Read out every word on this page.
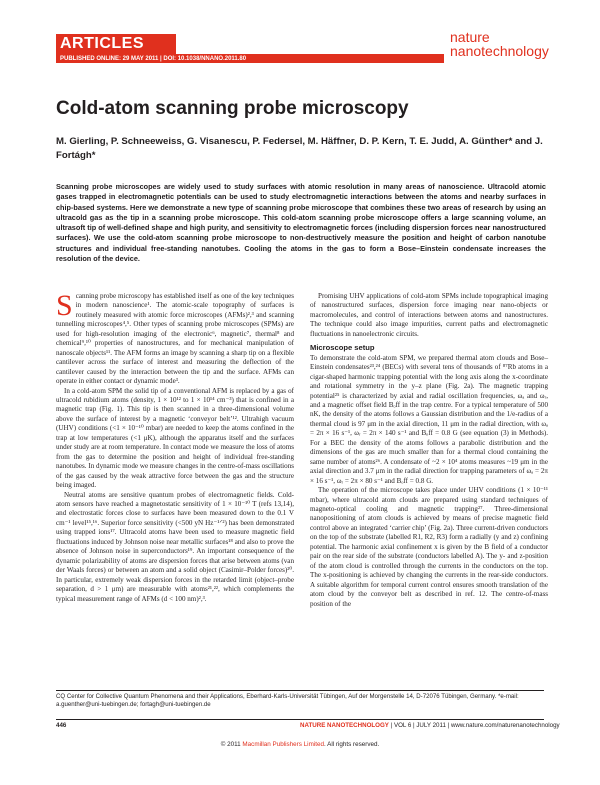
ARTICLES
PUBLISHED ONLINE: 29 MAY 2011 | DOI: 10.1038/NNANO.2011.80
nature
nanotechnology
Cold-atom scanning probe microscopy
M. Gierling, P. Schneeweiss, G. Visanescu, P. Federsel, M. Häffner, D. P. Kern, T. E. Judd, A. Günther* and J. Fortágh*
Scanning probe microscopes are widely used to study surfaces with atomic resolution in many areas of nanoscience. Ultracold atomic gases trapped in electromagnetic potentials can be used to study electromagnetic interactions between the atoms and nearby surfaces in chip-based systems. Here we demonstrate a new type of scanning probe microscope that combines these two areas of research by using an ultracold gas as the tip in a scanning probe microscope. This cold-atom scanning probe microscope offers a large scanning volume, an ultrasoft tip of well-defined shape and high purity, and sensitivity to electromagnetic forces (including dispersion forces near nanostructured surfaces). We use the cold-atom scanning probe microscope to non-destructively measure the position and height of carbon nanotube structures and individual free-standing nanotubes. Cooling the atoms in the gas to form a Bose–Einstein condensate increases the resolution of the device.

Scanning probe microscopy has established itself as one of the key techniques in modern nanoscience¹. The atomic-scale topography of surfaces is routinely measured with atomic force microscopes (AFMs)²,³ and scanning tunnelling microscopes⁴,⁵. Other types of scanning probe microscopes (SPMs) are used for high-resolution imaging of the electronic⁶, magnetic⁷, thermal⁸ and chemical⁹,¹⁰ properties of nanostructures, and for mechanical manipulation of nanoscale objects¹¹. The AFM forms an image by scanning a sharp tip on a flexible cantilever across the surface of interest and measuring the deflection of the cantilever caused by the interaction between the tip and the surface. AFMs can operate in either contact or dynamic mode³.

In a cold-atom SPM the solid tip of a conventional AFM is replaced by a gas of ultracold rubidium atoms (density, 1 × 10¹² to 1 × 10¹⁴ cm⁻³) that is confined in a magnetic trap (Fig. 1). This tip is then scanned in a three-dimensional volume above the surface of interest by a magnetic ‘conveyor belt’¹². Ultrahigh vacuum (UHV) conditions (<1 × 10⁻¹⁰ mbar) are needed to keep the atoms confined in the trap at low temperatures (<1 μK), although the apparatus itself and the surfaces under study are at room temperature. In contact mode we measure the loss of atoms from the gas to determine the position and height of individual free-standing nanotubes. In dynamic mode we measure changes in the centre-of-mass oscillations of the gas caused by the weak attractive force between the gas and the structure being imaged.

Neutral atoms are sensitive quantum probes of electromagnetic fields. Cold-atom sensors have reached a magnetostatic sensitivity of 1 × 10⁻¹⁰ T (refs 13,14), and electrostatic forces close to surfaces have been measured down to the 0.1 V cm⁻¹ level¹⁵,¹⁶. Superior force sensitivity (<500 yN Hz⁻¹ᐟ²) has been demonstrated using trapped ions¹⁷. Ultracold atoms have been used to measure magnetic field fluctuations induced by Johnson noise near metallic surfaces¹⁸ and also to prove the absence of Johnson noise in superconductors¹⁹. An important consequence of the dynamic polarizability of atoms are dispersion forces that arise between atoms (van der Waals forces) or between an atom and a solid object (Casimir–Polder forces)²⁰. In particular, extremely weak dispersion forces in the retarded limit (object–probe separation, d > 1 μm) are measurable with atoms²¹,²², which complements the typical measurement range of AFMs (d < 100 nm)²,³.

Promising UHV applications of cold-atom SPMs include topographical imaging of nanostructured surfaces, dispersion force imaging near nano-objects or macromolecules, and control of interactions between atoms and nanostructures. The technique could also image impurities, current paths and electromagnetic fluctuations in nanoelectronic circuits.

Microscope setup

To demonstrate the cold-atom SPM, we prepared thermal atom clouds and Bose–Einstein condensates²³,²⁴ (BECs) with several tens of thousands of ⁸⁷Rb atoms in a cigar-shaped harmonic trapping potential with the long axis along the x-coordinate and rotational symmetry in the y–z plane (Fig. 2a). The magnetic trapping potential²⁵ is characterized by axial and radial oscillation frequencies, ωₐ and ωᵣ, and a magnetic offset field Bₒff in the trap centre. For a typical temperature of 500 nK, the density of the atoms follows a Gaussian distribution and the 1/e-radius of a thermal cloud is 97 μm in the axial direction, 11 μm in the radial direction, with ωₐ = 2π × 16 s⁻¹, ωᵣ = 2π × 140 s⁻¹ and Bₒff = 0.8 G (see equation (3) in Methods). For a BEC the density of the atoms follows a parabolic distribution and the dimensions of the gas are much smaller than for a thermal cloud containing the same number of atoms²⁶. A condensate of ~2 × 10⁴ atoms measures ~19 μm in the axial direction and 3.7 μm in the radial direction for trapping parameters of ωₐ = 2π × 16 s⁻¹, ωᵣ = 2π × 80 s⁻¹ and Bₒff = 0.8 G.

The operation of the microscope takes place under UHV conditions (1 × 10⁻¹¹ mbar), where ultracold atom clouds are prepared using standard techniques of magneto-optical cooling and magnetic trapping²⁷. Three-dimensional nanopositioning of atom clouds is achieved by means of precise magnetic field control above an integrated ‘carrier chip’ (Fig. 2a). Three current-driven conductors on the top of the substrate (labelled R1, R2, R3) form a radially (y and z) confining potential. The harmonic axial confinement x is given by the B field of a conductor pair on the rear side of the substrate (conductors labelled A). The y- and z-position of the atom cloud is controlled through the currents in the conductors on the top. The x-positioning is achieved by changing the currents in the rear-side conductors. A suitable algorithm for temporal current control ensures smooth translation of the atom cloud by the conveyor belt as described in ref. 12. The centre-of-mass position of the

CQ Center for Collective Quantum Phenomena and their Applications, Eberhard-Karls-Universität Tübingen, Auf der Morgenstelle 14, D-72076 Tübingen, Germany. *e-mail: a.guenther@uni-tuebingen.de; fortagh@uni-tuebingen.de
446	NATURE NANOTECHNOLOGY | VOL 6 | JULY 2011 | www.nature.com/naturenanotechnology
© 2011 Macmillan Publishers Limited. All rights reserved.
